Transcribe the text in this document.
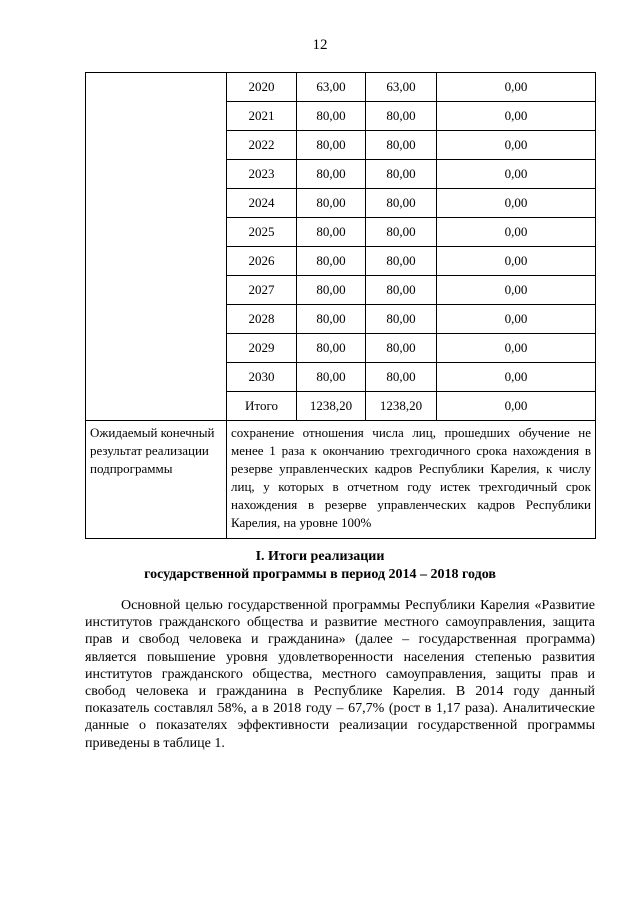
12
	2020	63,00	63,00	0,00
	2021	80,00	80,00	0,00
	2022	80,00	80,00	0,00
	2023	80,00	80,00	0,00
	2024	80,00	80,00	0,00
	2025	80,00	80,00	0,00
	2026	80,00	80,00	0,00
	2027	80,00	80,00	0,00
	2028	80,00	80,00	0,00
	2029	80,00	80,00	0,00
	2030	80,00	80,00	0,00
	Итого	1238,20	1238,20	0,00
Ожидаемый конечный результат реализации подпрограммы	сохранение отношения числа лиц, прошедших обучение не менее 1 раза к окончанию трехгодичного срока нахождения в резерве управленческих кадров Республики Карелия, к числу лиц, у которых в отчетном году истек трехгодичный срок нахождения в резерве управленческих кадров Республики Карелия, на уровне 100%			
I. Итоги реализации
государственной программы в период 2014 – 2018 годов

Основной целью государственной программы Республики Карелия «Развитие институтов гражданского общества и развитие местного самоуправления, защита прав и свобод человека и гражданина» (далее – государственная программа) является повышение уровня удовлетворенности населения степенью развития институтов гражданского общества, местного самоуправления, защиты прав и свобод человека и гражданина в Республике Карелия. В 2014 году данный показатель составлял 58%, а в 2018 году – 67,7% (рост в 1,17 раза). Аналитические данные о показателях эффективности реализации государственной программы приведены в таблице 1.
